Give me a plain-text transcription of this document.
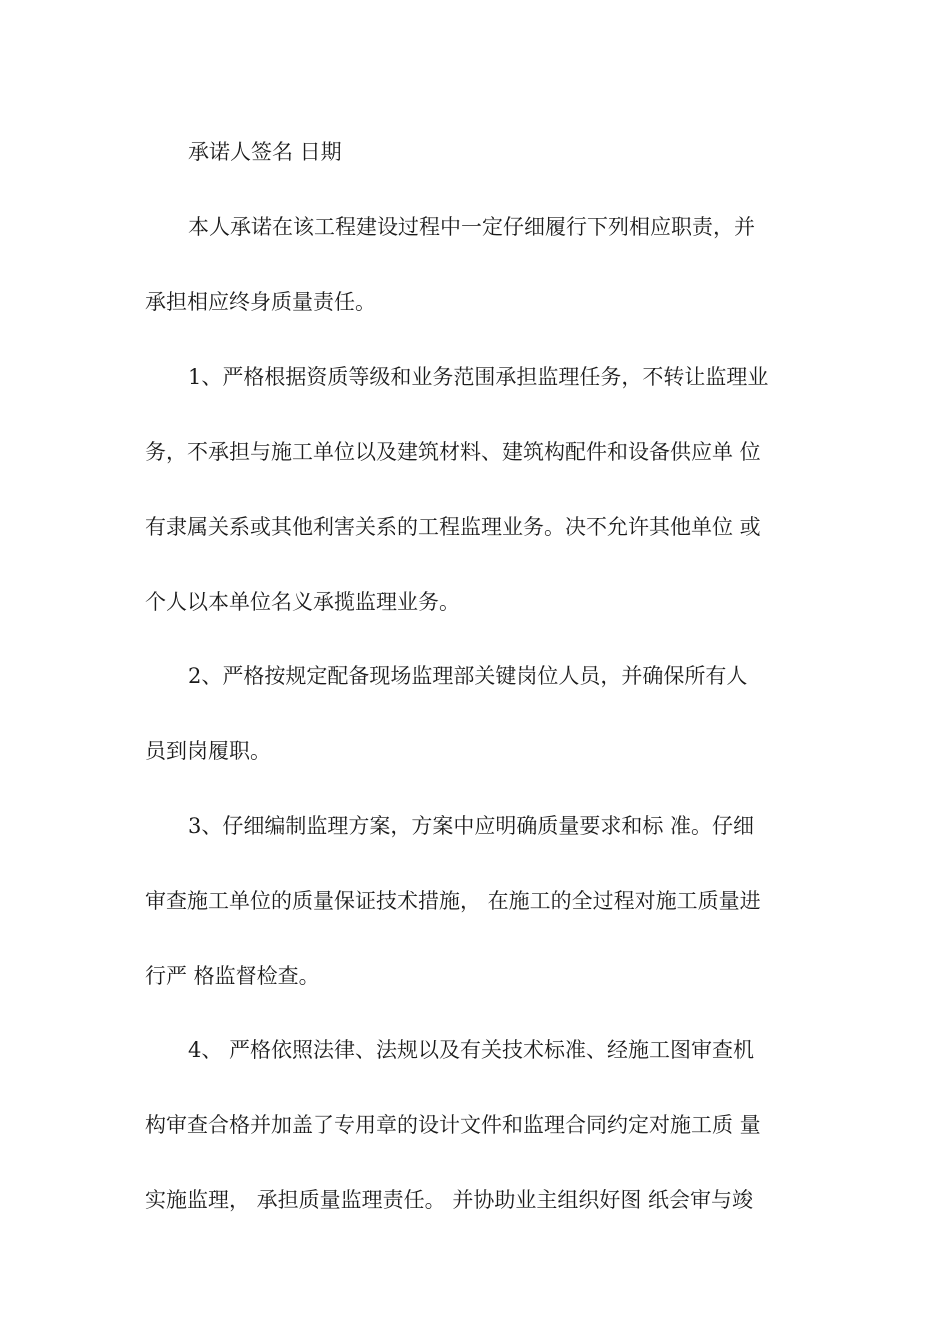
承诺人签名 日期
本人承诺在该工程建设过程中一定仔细履行下列相应职责，并
承担相应终身质量责任。
1、严格根据资质等级和业务范围承担监理任务，不转让监理业
务，不承担与施工单位以及建筑材料、建筑构配件和设备供应单 位
有隶属关系或其他利害关系的工程监理业务。决不允许其他单位 或
个人以本单位名义承揽监理业务。
2、严格按规定配备现场监理部关键岗位人员，并确保所有人
员到岗履职。
3、仔细编制监理方案，方案中应明确质量要求和标 准。仔细
审查施工单位的质量保证技术措施， 在施工的全过程对施工质量进
行严 格监督检查。
4、 严格依照法律、法规以及有关技术标准、经施工图审查机
构审查合格并加盖了专用章的设计文件和监理合同约定对施工质 量
实施监理， 承担质量监理责任。 并协助业主组织好图 纸会审与竣
